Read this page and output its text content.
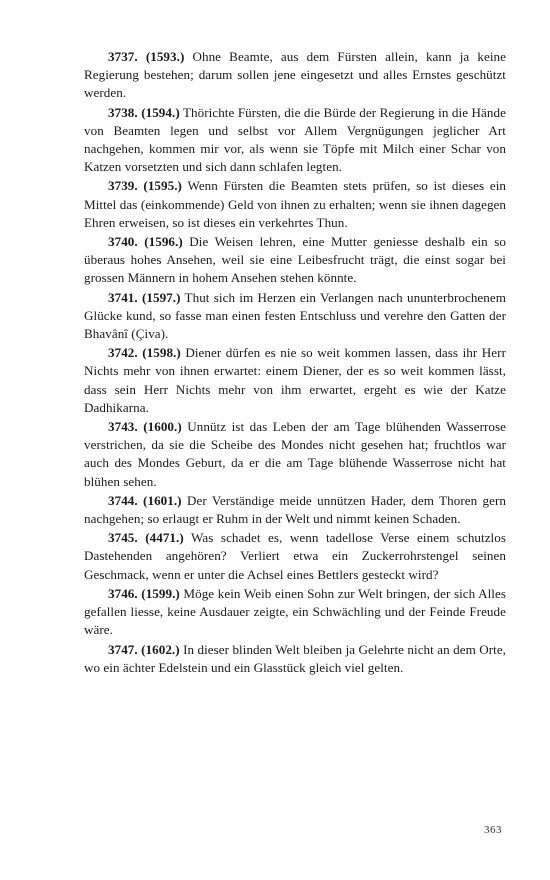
3737. (1593.) Ohne Beamte, aus dem Fürsten allein, kann ja keine Regierung bestehen; darum sollen jene eingesetzt und alles Ernstes geschützt werden.

3738. (1594.) Thörichte Fürsten, die die Bürde der Regierung in die Hände von Beamten legen und selbst vor Allem Vergnügungen jeglicher Art nachgehen, kommen mir vor, als wenn sie Töpfe mit Milch einer Schar von Katzen vorsetzten und sich dann schlafen legten.

3739. (1595.) Wenn Fürsten die Beamten stets prüfen, so ist dieses ein Mittel das (einkommende) Geld von ihnen zu erhalten; wenn sie ihnen dagegen Ehren erweisen, so ist dieses ein verkehrtes Thun.

3740. (1596.) Die Weisen lehren, eine Mutter geniesse deshalb ein so überaus hohes Ansehen, weil sie eine Leibesfrucht trägt, die einst sogar bei grossen Männern in hohem Ansehen stehen könnte.

3741. (1597.) Thut sich im Herzen ein Verlangen nach ununterbrochenem Glücke kund, so fasse man einen festen Entschluss und verehre den Gatten der Bhavânî (Çiva).

3742. (1598.) Diener dürfen es nie so weit kommen lassen, dass ihr Herr Nichts mehr von ihnen erwartet: einem Diener, der es so weit kommen lässt, dass sein Herr Nichts mehr von ihm erwartet, ergeht es wie der Katze Dadhikarna.

3743. (1600.) Unnütz ist das Leben der am Tage blühenden Wasserrose verstrichen, da sie die Scheibe des Mondes nicht gesehen hat; fruchtlos war auch des Mondes Geburt, da er die am Tage blühende Wasserrose nicht hat blühen sehen.

3744. (1601.) Der Verständige meide unnützen Hader, dem Thoren gern nachgehen; so erlaugt er Ruhm in der Welt und nimmt keinen Schaden.

3745. (4471.) Was schadet es, wenn tadellose Verse einem schutzlos Dastehenden angehören? Verliert etwa ein Zuckerrohrstengel seinen Geschmack, wenn er unter die Achsel eines Bettlers gesteckt wird?

3746. (1599.) Möge kein Weib einen Sohn zur Welt bringen, der sich Alles gefallen liesse, keine Ausdauer zeigte, ein Schwächling und der Feinde Freude wäre.

3747. (1602.) In dieser blinden Welt bleiben ja Gelehrte nicht an dem Orte, wo ein ächter Edelstein und ein Glasstück gleich viel gelten.

363
